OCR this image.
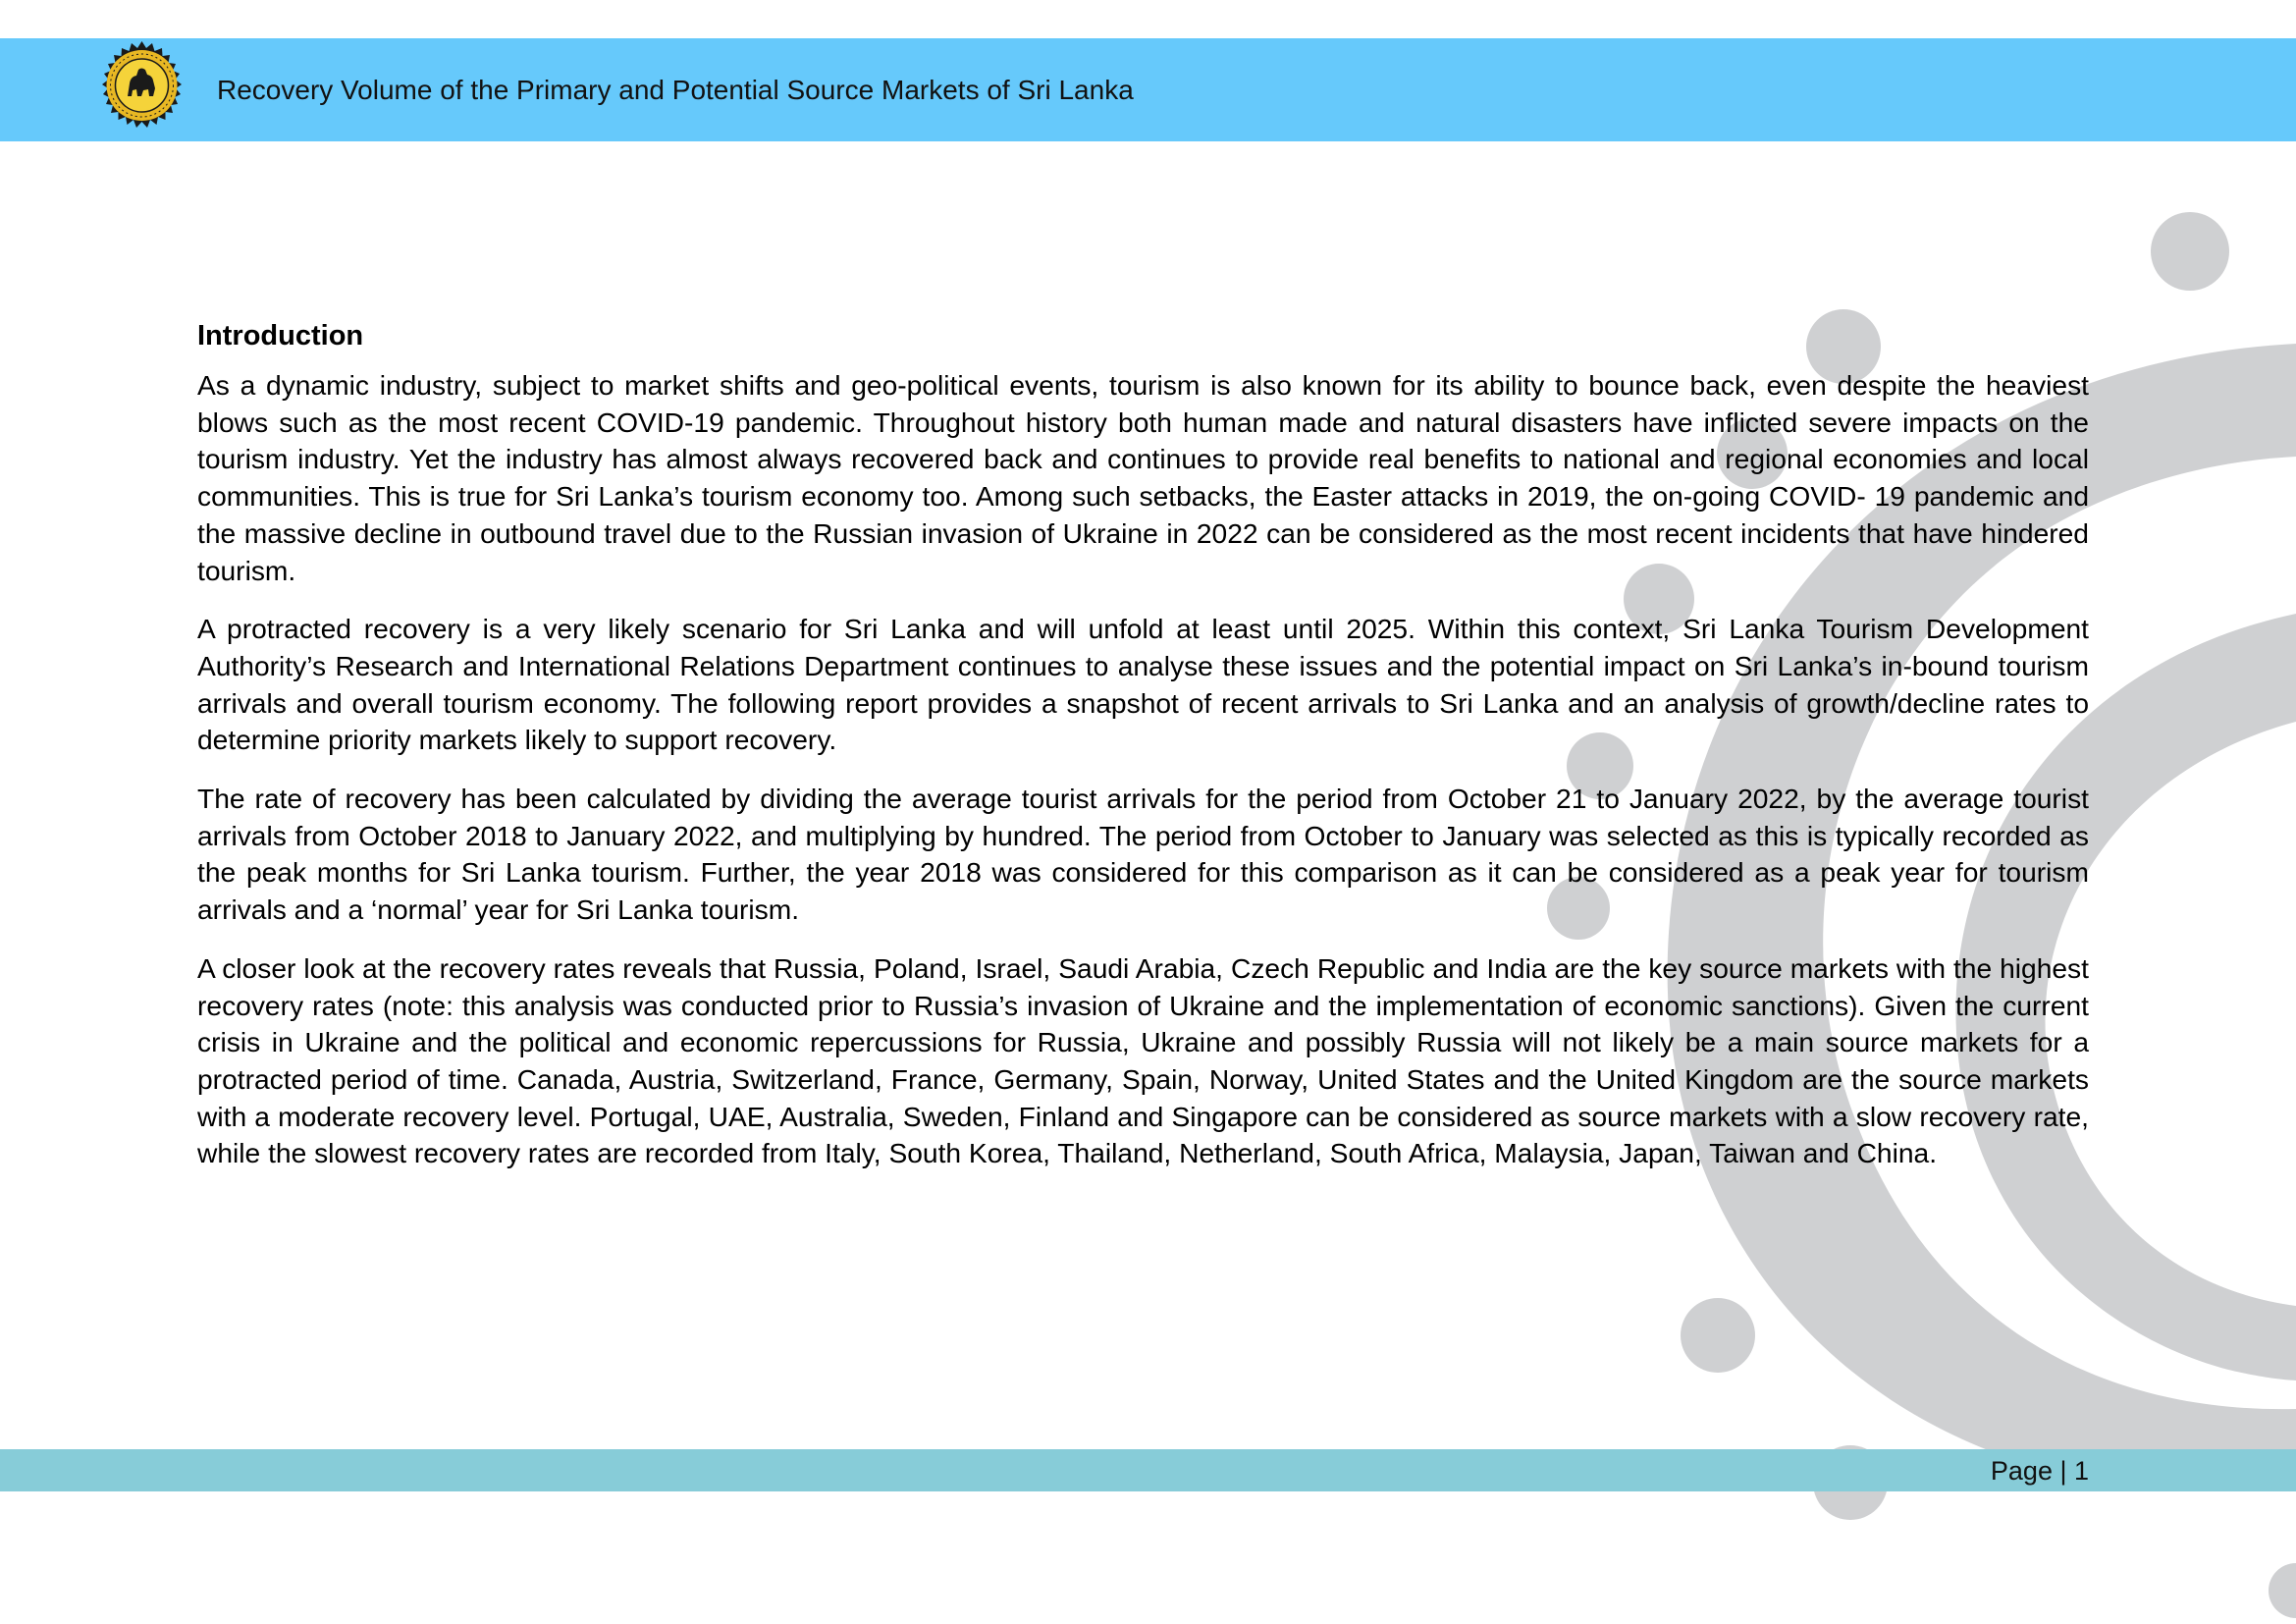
Recovery Volume of the Primary and Potential Source Markets of Sri Lanka
Introduction

As a dynamic industry, subject to market shifts and geo-political events, tourism is also known for its ability to bounce back, even despite the heaviest blows such as the most recent COVID-19 pandemic. Throughout history both human made and natural disasters have inflicted severe impacts on the tourism industry. Yet the industry has almost always recovered back and continues to provide real benefits to national and regional economies and local communities. This is true for Sri Lanka’s tourism economy too. Among such setbacks, the Easter attacks in 2019, the on-going COVID- 19 pandemic and the massive decline in outbound travel due to the Russian invasion of Ukraine in 2022 can be considered as the most recent incidents that have hindered tourism.

A protracted recovery is a very likely scenario for Sri Lanka and will unfold at least until 2025. Within this context, Sri Lanka Tourism Development Authority’s Research and International Relations Department continues to analyse these issues and the potential impact on Sri Lanka’s in-bound tourism arrivals and overall tourism economy. The following report provides a snapshot of recent arrivals to Sri Lanka and an analysis of growth/decline rates to determine priority markets likely to support recovery.

The rate of recovery has been calculated by dividing the average tourist arrivals for the period from October 21 to January 2022, by the average tourist arrivals from October 2018 to January 2022, and multiplying by hundred. The period from October to January was selected as this is typically recorded as the peak months for Sri Lanka tourism. Further, the year 2018 was considered for this comparison as it can be considered as a peak year for tourism arrivals and a ‘normal’ year for Sri Lanka tourism.

A closer look at the recovery rates reveals that Russia, Poland, Israel, Saudi Arabia, Czech Republic and India are the key source markets with the highest recovery rates (note: this analysis was conducted prior to Russia’s invasion of Ukraine and the implementation of economic sanctions). Given the current crisis in Ukraine and the political and economic repercussions for Russia, Ukraine and possibly Russia will not likely be a main source markets for a protracted period of time. Canada, Austria, Switzerland, France, Germany, Spain, Norway, United States and the United Kingdom are the source markets with a moderate recovery level. Portugal, UAE, Australia, Sweden, Finland and Singapore can be considered as source markets with a slow recovery rate, while the slowest recovery rates are recorded from Italy, South Korea, Thailand, Netherland, South Africa, Malaysia, Japan, Taiwan and China.

Page | 1
